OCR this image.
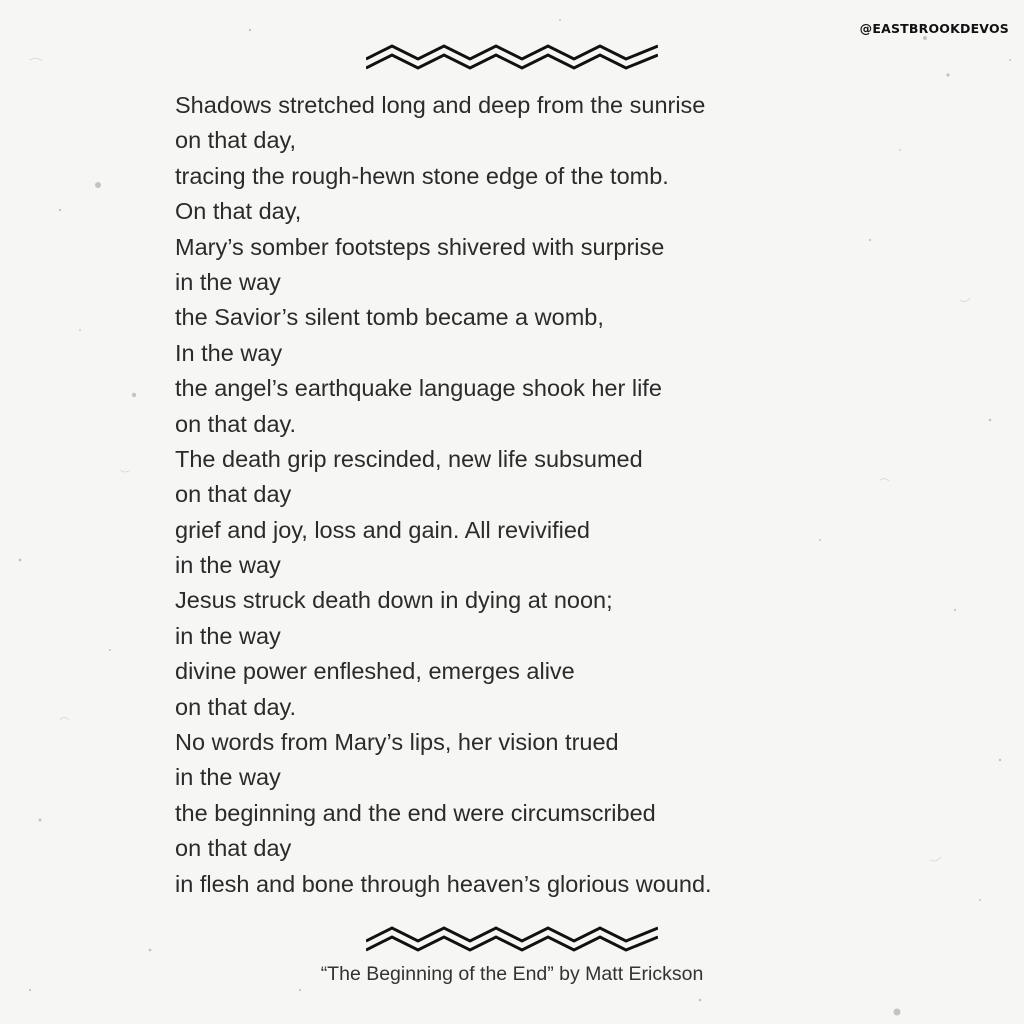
@EASTBROOKDEVOS
Shadows stretched long and deep from the sunrise
on that day,
tracing the rough-hewn stone edge of the tomb.
On that day,
Mary’s somber footsteps shivered with surprise
in the way
the Savior’s silent tomb became a womb,
In the way
the angel’s earthquake language shook her life
on that day.
The death grip rescinded, new life subsumed
on that day
grief and joy, loss and gain. All revivified
in the way
Jesus struck death down in dying at noon;
in the way
divine power enfleshed, emerges alive
on that day.
No words from Mary’s lips, her vision trued
in the way
the beginning and the end were circumscribed
on that day
in flesh and bone through heaven’s glorious wound.
“The Beginning of the End” by Matt Erickson
